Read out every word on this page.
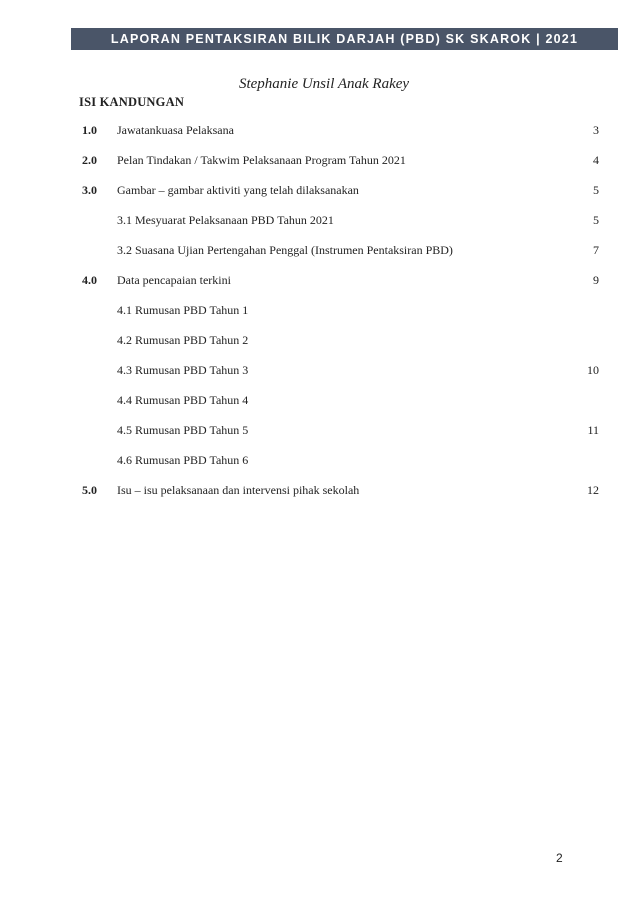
LAPORAN PENTAKSIRAN BILIK DARJAH (PBD) SK SKAROK | 2021
Stephanie Unsil Anak Rakey
ISI KANDUNGAN
1.0 Jawatankuasa Pelaksana	3
2.0 Pelan Tindakan / Takwim Pelaksanaan Program Tahun 2021	4
3.0 Gambar – gambar aktiviti yang telah dilaksanakan	5
3.1 Mesyuarat Pelaksanaan PBD Tahun 2021	5
3.2 Suasana Ujian Pertengahan Penggal (Instrumen Pentaksiran PBD)	7
4.0 Data pencapaian terkini	9
4.1 Rumusan PBD Tahun 1
4.2 Rumusan PBD Tahun 2
4.3 Rumusan PBD Tahun 3	10
4.4 Rumusan PBD Tahun 4
4.5 Rumusan PBD Tahun 5	11
4.6 Rumusan PBD Tahun 6
5.0 Isu – isu pelaksanaan dan intervensi pihak sekolah	12
2
